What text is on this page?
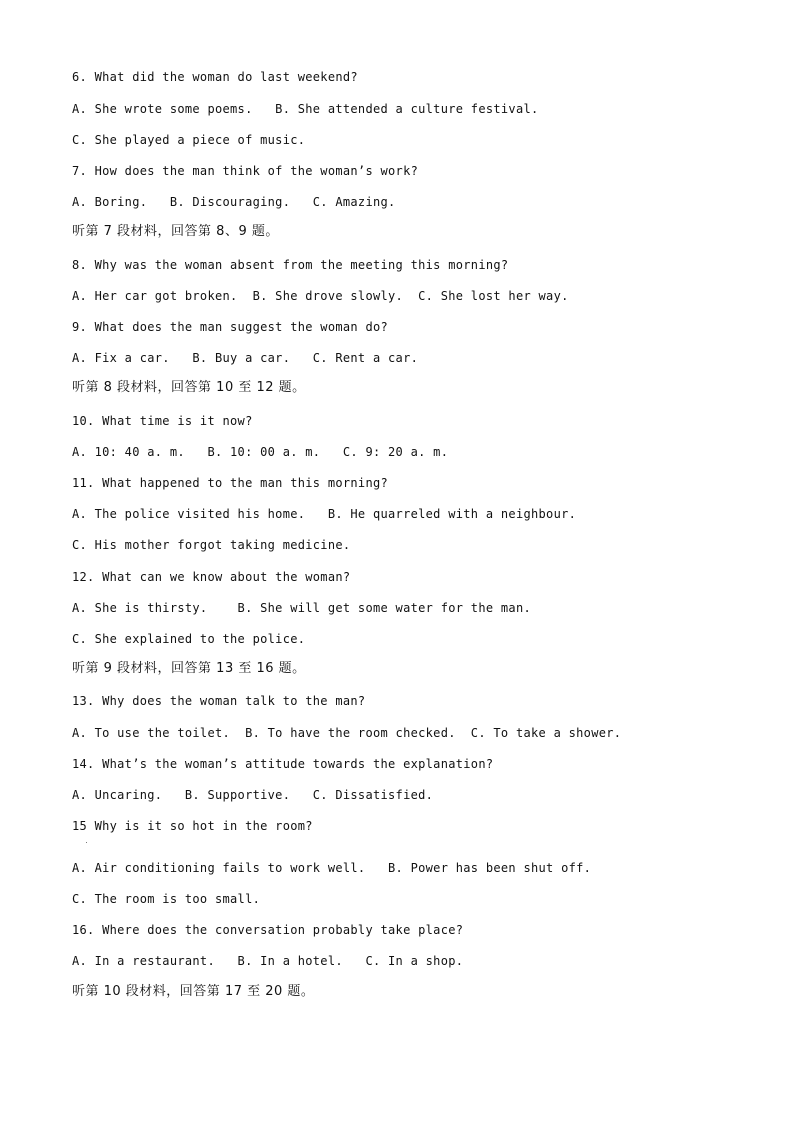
6. What did the woman do last weekend?
A. She wrote some poems.   B. She attended a culture festival.
C. She played a piece of music.
7. How does the man think of the woman’s work?
A. Boring.   B. Discouraging.   C. Amazing.
听第 7 段材料，回答第 8、9 题。
8. Why was the woman absent from the meeting this morning?
A. Her car got broken.  B. She drove slowly.  C. She lost her way.
9. What does the man suggest the woman do?
A. Fix a car.   B. Buy a car.   C. Rent a car.
听第 8 段材料，回答第 10 至 12 题。
10. What time is it now?
A. 10: 40 a. m.   B. 10: 00 a. m.   C. 9: 20 a. m.
11. What happened to the man this morning?
A. The police visited his home.   B. He quarreled with a neighbour.
C. His mother forgot taking medicine.
12. What can we know about the woman?
A. She is thirsty.    B. She will get some water for the man.
C. She explained to the police.
听第 9 段材料，回答第 13 至 16 题。
13. Why does the woman talk to the man?
A. To use the toilet.  B. To have the room checked.  C. To take a shower.
14. What’s the woman’s attitude towards the explanation?
A. Uncaring.   B. Supportive.   C. Dissatisfied.
15 Why is it so hot in the room?
A. Air conditioning fails to work well.   B. Power has been shut off.
C. The room is too small.
16. Where does the conversation probably take place?
A. In a restaurant.   B. In a hotel.   C. In a shop.
听第 10 段材料，回答第 17 至 20 题。
